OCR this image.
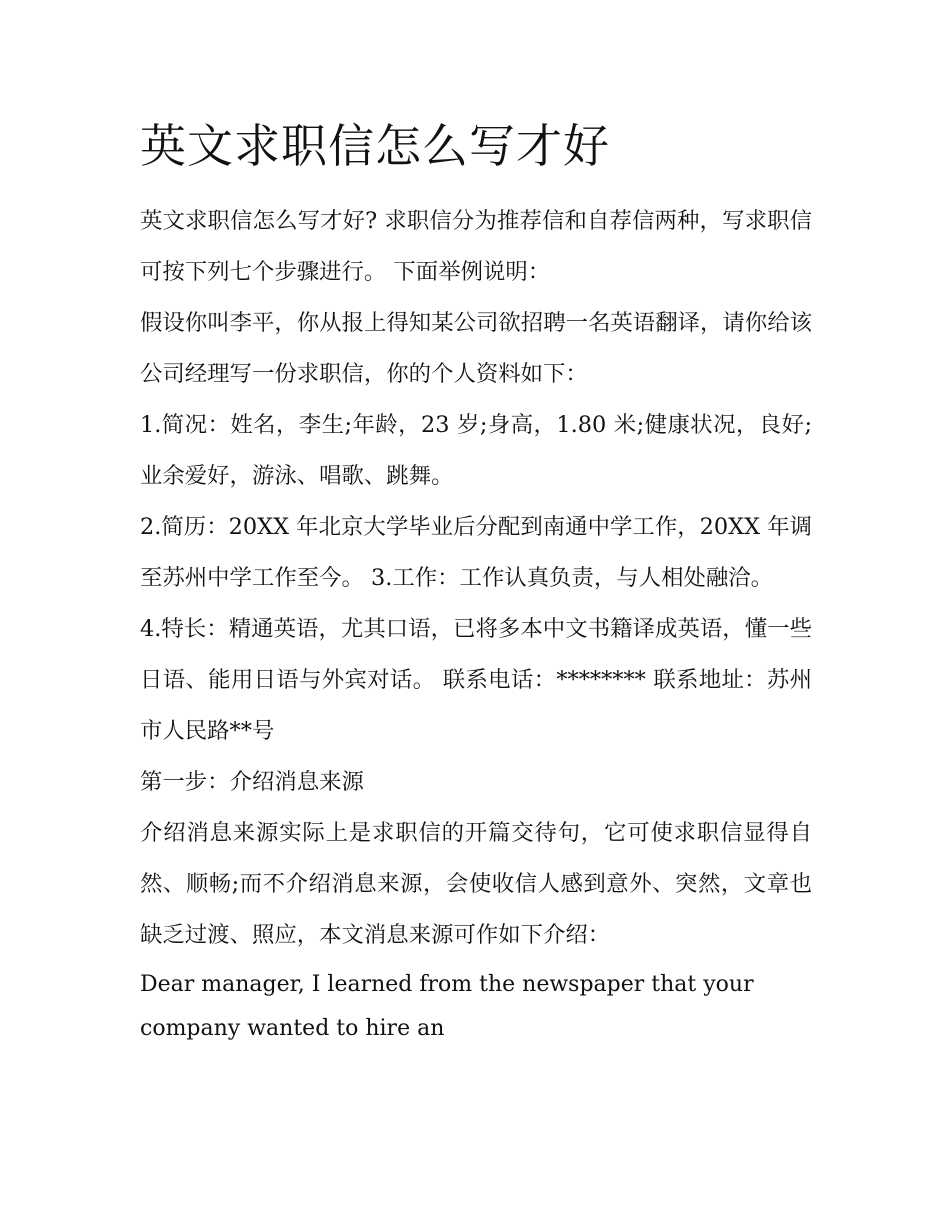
英文求职信怎么写才好

英文求职信怎么写才好? 求职信分为推荐信和自荐信两种，写求职信可按下列七个步骤进行。 下面举例说明：

假设你叫李平，你从报上得知某公司欲招聘一名英语翻译，请你给该公司经理写一份求职信，你的个人资料如下：

1.简况：姓名，李生;年龄，23 岁;身高，1.80 米;健康状况，良好;业余爱好，游泳、唱歌、跳舞。

2.简历：20XX 年北京大学毕业后分配到南通中学工作，20XX 年调至苏州中学工作至今。 3.工作：工作认真负责，与人相处融洽。

4.特长：精通英语，尤其口语，已将多本中文书籍译成英语，懂一些日语、能用日语与外宾对话。 联系电话：******** 联系地址：苏州市人民路**号

第一步：介绍消息来源

介绍消息来源实际上是求职信的开篇交待句，它可使求职信显得自然、顺畅;而不介绍消息来源，会使收信人感到意外、突然，文章也缺乏过渡、照应，本文消息来源可作如下介绍：

Dear manager, I learned from the newspaper that your company wanted to hire an
